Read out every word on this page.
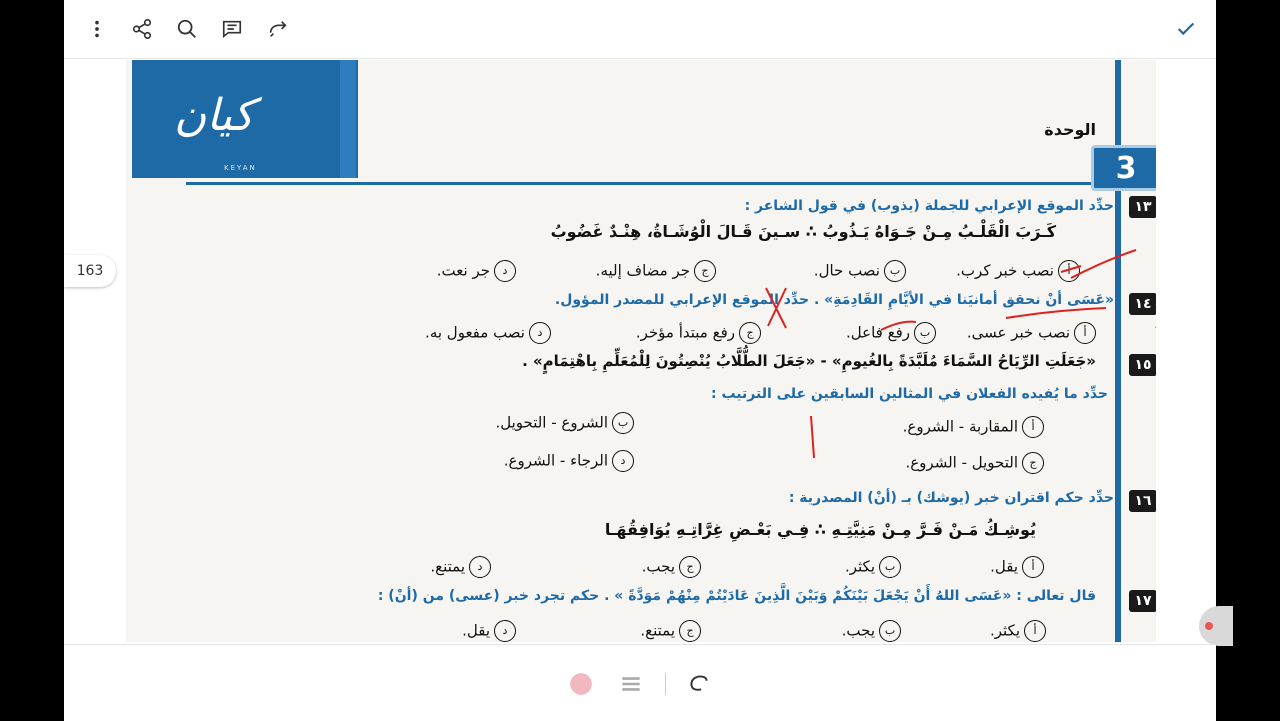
163
كيان
KEYAN
الوحدة
3
١٣
حدِّد الموقع الإعرابي للجملة (يذوب) في قول الشاعر :
كَـرَبَ الْقَلْـبُ مِـنْ جَـوَاهُ يَـذُوبُ ∴ سـينَ قَـالَ الْوُشَـاةُ، هِنْـدٌ غَضُوبُ
أنصب خبر كرب.
بنصب حال.
ججر مضاف إليه.
دجر نعت.
١٤
«عَسَى أنْ نحقق أمانيَنا في الأيَّامِ القَادِمَةِ» . حدِّد الموقع الإعرابي للمصدر المؤول.
أنصب خبر عسى.
برفع فاعل.
جرفع مبتدأ مؤخر.
دنصب مفعول به.
١٥
«جَعَلَتِ الرِّيَاحُ السَّمَاءَ مُلَبَّدَةً بِالغُيومِ» - «جَعَلَ الطُّلَّابُ يُنْصِتُونَ لِلْمُعَلِّمِ بِاهْتِمَامٍ» .
حدِّد ما يُفيده الفعلان في المثالين السابقين على الترتيب :
أالمقاربة - الشروع.
بالشروع - التحويل.
جالتحويل - الشروع.
دالرجاء - الشروع.
١٦
حدِّد حكم اقتران خبر (يوشك) بـ (أنْ) المصدرية :
يُوشِـكُ مَـنْ فَـرَّ مِـنْ مَنِيَّتِـهِ ∴ فِـي بَعْـضِ غِرَّاتِـهِ يُوَافِقُهَـا
أيقل.
بيكثر.
جيجب.
ديمتنع.
١٧
قال تعالى : «عَسَى اللهُ أَنْ يَجْعَلَ بَيْنَكُمْ وَبَيْنَ الَّذِينَ عَادَيْتُمْ مِنْهُمْ مَوَدَّةً » . حكم تجرد خبر (عسى) من (أنْ) :
أيكثر.
بيجب.
جيمتنع.
ديقل.
